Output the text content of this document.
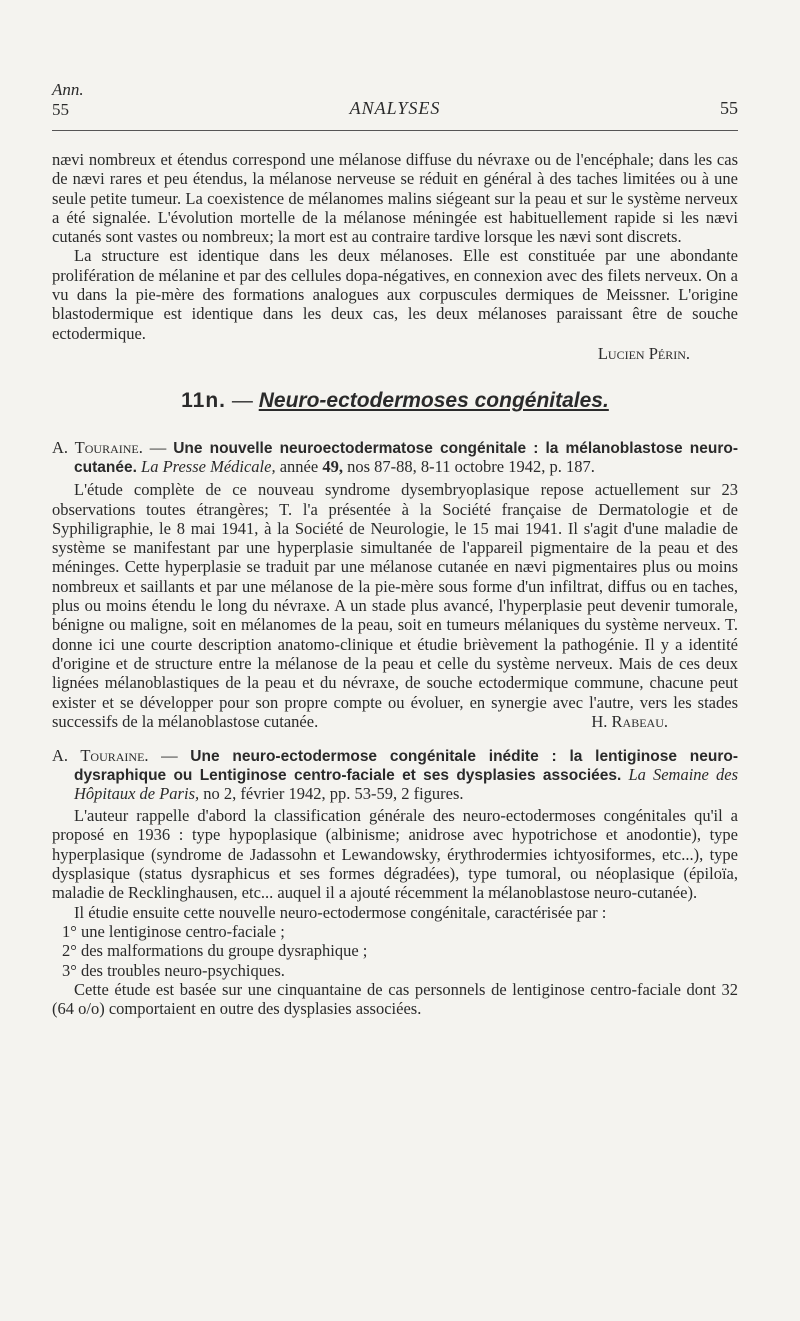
Ann.
55	ANALYSES	55

nævi nombreux et étendus correspond une mélanose diffuse du névraxe ou de l'encéphale; dans les cas de nævi rares et peu étendus, la mélanose nerveuse se réduit en général à des taches limitées ou à une seule petite tumeur. La coexistence de mélanomes malins siégeant sur la peau et sur le système nerveux a été signalée. L'évolution mortelle de la mélanose méningée est habituellement rapide si les nævi cutanés sont vastes ou nombreux; la mort est au contraire tardive lorsque les nævi sont discrets.

La structure est identique dans les deux mélanoses. Elle est constituée par une abondante prolifération de mélanine et par des cellules dopa-négatives, en connexion avec des filets nerveux. On a vu dans la pie-mère des formations analogues aux corpuscules dermiques de Meissner. L'origine blastodermique est identique dans les deux cas, les deux mélanoses paraissant être de souche ectodermique.

Lucien Périn.

11n. — Neuro-ectodermoses congénitales.

A. Touraine. — Une nouvelle neuroectodermatose congénitale : la mélanoblastose neuro-cutanée. La Presse Médicale, année 49, nos 87-88, 8-11 octobre 1942, p. 187.

L'étude complète de ce nouveau syndrome dysembryoplasique repose actuellement sur 23 observations toutes étrangères; T. l'a présentée à la Société française de Dermatologie et de Syphiligraphie, le 8 mai 1941, à la Société de Neurologie, le 15 mai 1941. Il s'agit d'une maladie de système se manifestant par une hyperplasie simultanée de l'appareil pigmentaire de la peau et des méninges. Cette hyperplasie se traduit par une mélanose cutanée en nævi pigmentaires plus ou moins nombreux et saillants et par une mélanose de la pie-mère sous forme d'un infiltrat, diffus ou en taches, plus ou moins étendu le long du névraxe. A un stade plus avancé, l'hyperplasie peut devenir tumorale, bénigne ou maligne, soit en mélanomes de la peau, soit en tumeurs mélaniques du système nerveux. T. donne ici une courte description anatomo-clinique et étudie brièvement la pathogénie. Il y a identité d'origine et de structure entre la mélanose de la peau et celle du système nerveux. Mais de ces deux lignées mélanoblastiques de la peau et du névraxe, de souche ectodermique commune, chacune peut exister et se développer pour son propre compte ou évoluer, en synergie avec l'autre, vers les stades successifs de la mélanoblastose cutanée.	H. Rabeau.

A. Touraine. — Une neuro-ectodermose congénitale inédite : la lentiginose neuro-dysraphique ou Lentiginose centro-faciale et ses dysplasies associées. La Semaine des Hôpitaux de Paris, no 2, février 1942, pp. 53-59, 2 figures.

L'auteur rappelle d'abord la classification générale des neuro-ectodermoses congénitales qu'il a proposé en 1936 : type hypoplasique (albinisme; anidrose avec hypotrichose et anodontie), type hyperplasique (syndrome de Jadassohn et Lewandowsky, érythrodermies ichtyosiformes, etc...), type dysplasique (status dysraphicus et ses formes dégradées), type tumoral, ou néoplasique (épiloïa, maladie de Recklinghausen, etc... auquel il a ajouté récemment la mélanoblastose neuro-cutanée).

Il étudie ensuite cette nouvelle neuro-ectodermose congénitale, caractérisée par :

1° une lentiginose centro-faciale ;

2° des malformations du groupe dysraphique ;

3° des troubles neuro-psychiques.

Cette étude est basée sur une cinquantaine de cas personnels de lentiginose centro-faciale dont 32 (64 o/o) comportaient en outre des dysplasies associées.
